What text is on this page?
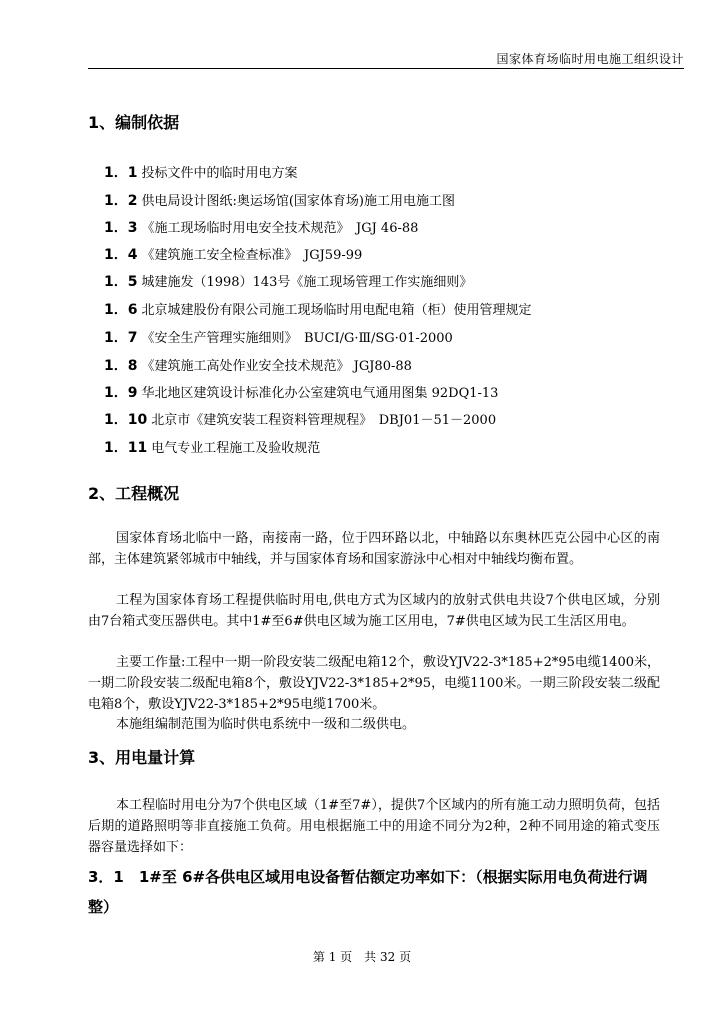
国家体育场临时用电施工组织设计
1、编制依据
1．1 投标文件中的临时用电方案
1．2 供电局设计图纸:奥运场馆(国家体育场)施工用电施工图
1．3 《施工现场临时用电安全技术规范》　JGJ 46-88
1．4 《建筑施工安全检查标准》　JGJ59-99
1．5 城建施发（1998）143号《施工现场管理工作实施细则》
1．6 北京城建股份有限公司施工现场临时用电配电箱（柜）使用管理规定
1．7 《安全生产管理实施细则》　BUCI/G·Ⅲ/SG·01-2000
1．8 《建筑施工高处作业安全技术规范》 JGJ80-88
1．9 华北地区建筑设计标准化办公室建筑电气通用图集 92DQ1-13
1．10 北京市《建筑安装工程资料管理规程》　DBJ01－51－2000
1．11 电气专业工程施工及验收规范
2、工程概况

国家体育场北临中一路，南接南一路，位于四环路以北，中轴路以东奥林匹克公园中心区的南部，主体建筑紧邻城市中轴线，并与国家体育场和国家游泳中心相对中轴线均衡布置。

工程为国家体育场工程提供临时用电,供电方式为区域内的放射式供电共设7个供电区域，分别由7台箱式变压器供电。其中1#至6#供电区域为施工区用电，7#供电区域为民工生活区用电。

主要工作量:工程中一期一阶段安装二级配电箱12个，敷设YJV22-3*185+2*95电缆1400米，一期二阶段安装二级配电箱8个，敷设YJV22-3*185+2*95，电缆1100米。一期三阶段安装二级配电箱8个，敷设YJV22-3*185+2*95电缆1700米。

本施组编制范围为临时供电系统中一级和二级供电。

3、用电量计算

本工程临时用电分为7个供电区域（1#至7#），提供7个区域内的所有施工动力照明负荷，包括后期的道路照明等非直接施工负荷。用电根据施工中的用途不同分为2种，2种不同用途的箱式变压器容量选择如下：

3．1　1#至 6#各供电区域用电设备暂估额定功率如下：（根据实际用电负荷进行调整）
第 1 页　共 32 页
